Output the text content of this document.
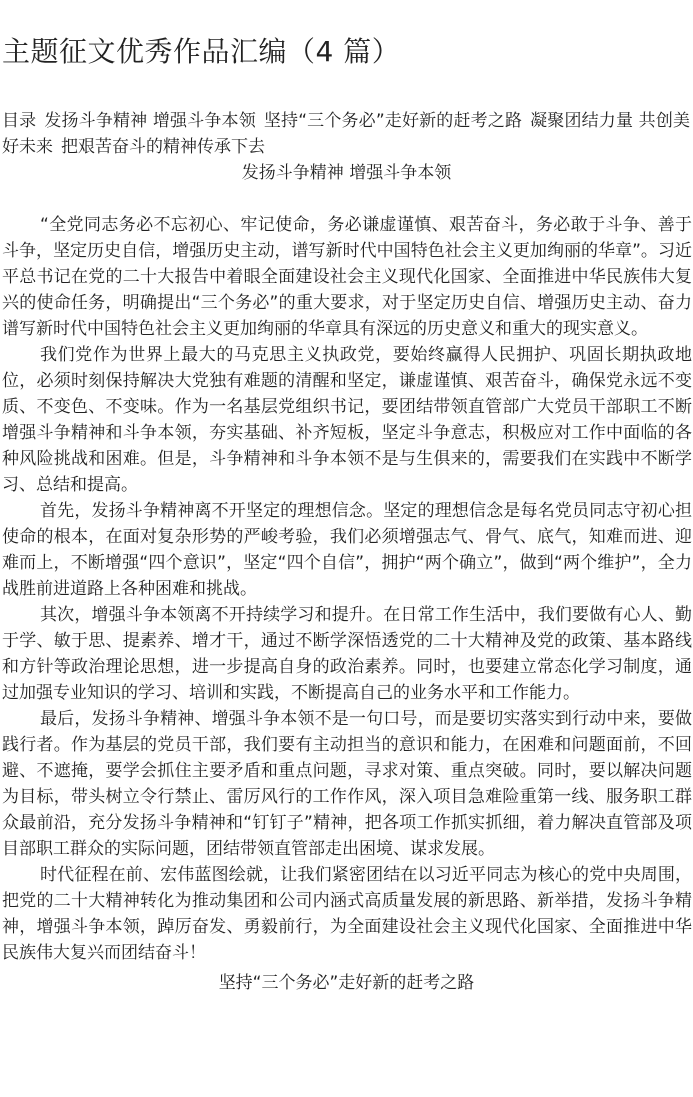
主题征文优秀作品汇编（4 篇）
目录 发扬斗争精神 增强斗争本领 坚持“三个务必”走好新的赶考之路 凝聚团结力量 共创美好未来 把艰苦奋斗的精神传承下去
发扬斗争精神 增强斗争本领

“全党同志务必不忘初心、牢记使命，务必谦虚谨慎、艰苦奋斗，务必敢于斗争、善于斗争，坚定历史自信，增强历史主动，谱写新时代中国特色社会主义更加绚丽的华章”。习近平总书记在党的二十大报告中着眼全面建设社会主义现代化国家、全面推进中华民族伟大复兴的使命任务，明确提出“三个务必”的重大要求，对于坚定历史自信、增强历史主动、奋力谱写新时代中国特色社会主义更加绚丽的华章具有深远的历史意义和重大的现实意义。

我们党作为世界上最大的马克思主义执政党，要始终赢得人民拥护、巩固长期执政地位，必须时刻保持解决大党独有难题的清醒和坚定，谦虚谨慎、艰苦奋斗，确保党永远不变质、不变色、不变味。作为一名基层党组织书记，要团结带领直管部广大党员干部职工不断增强斗争精神和斗争本领，夯实基础、补齐短板，坚定斗争意志，积极应对工作中面临的各种风险挑战和困难。但是，斗争精神和斗争本领不是与生俱来的，需要我们在实践中不断学习、总结和提高。

首先，发扬斗争精神离不开坚定的理想信念。坚定的理想信念是每名党员同志守初心担使命的根本，在面对复杂形势的严峻考验，我们必须增强志气、骨气、底气，知难而进、迎难而上，不断增强“四个意识”，坚定“四个自信”，拥护“两个确立”，做到“两个维护”，全力战胜前进道路上各种困难和挑战。

其次，增强斗争本领离不开持续学习和提升。在日常工作生活中，我们要做有心人、勤于学、敏于思、提素养、增才干，通过不断学深悟透党的二十大精神及党的政策、基本路线和方针等政治理论思想，进一步提高自身的政治素养。同时，也要建立常态化学习制度，通过加强专业知识的学习、培训和实践，不断提高自己的业务水平和工作能力。

最后，发扬斗争精神、增强斗争本领不是一句口号，而是要切实落实到行动中来，要做践行者。作为基层的党员干部，我们要有主动担当的意识和能力，在困难和问题面前，不回避、不遮掩，要学会抓住主要矛盾和重点问题，寻求对策、重点突破。同时，要以解决问题为目标，带头树立令行禁止、雷厉风行的工作作风，深入项目急难险重第一线、服务职工群众最前沿，充分发扬斗争精神和“钉钉子”精神，把各项工作抓实抓细，着力解决直管部及项目部职工群众的实际问题，团结带领直管部走出困境、谋求发展。

时代征程在前、宏伟蓝图绘就，让我们紧密团结在以习近平同志为核心的党中央周围，把党的二十大精神转化为推动集团和公司内涵式高质量发展的新思路、新举措，发扬斗争精神，增强斗争本领，踔厉奋发、勇毅前行，为全面建设社会主义现代化国家、全面推进中华民族伟大复兴而团结奋斗！

坚持“三个务必”走好新的赶考之路
